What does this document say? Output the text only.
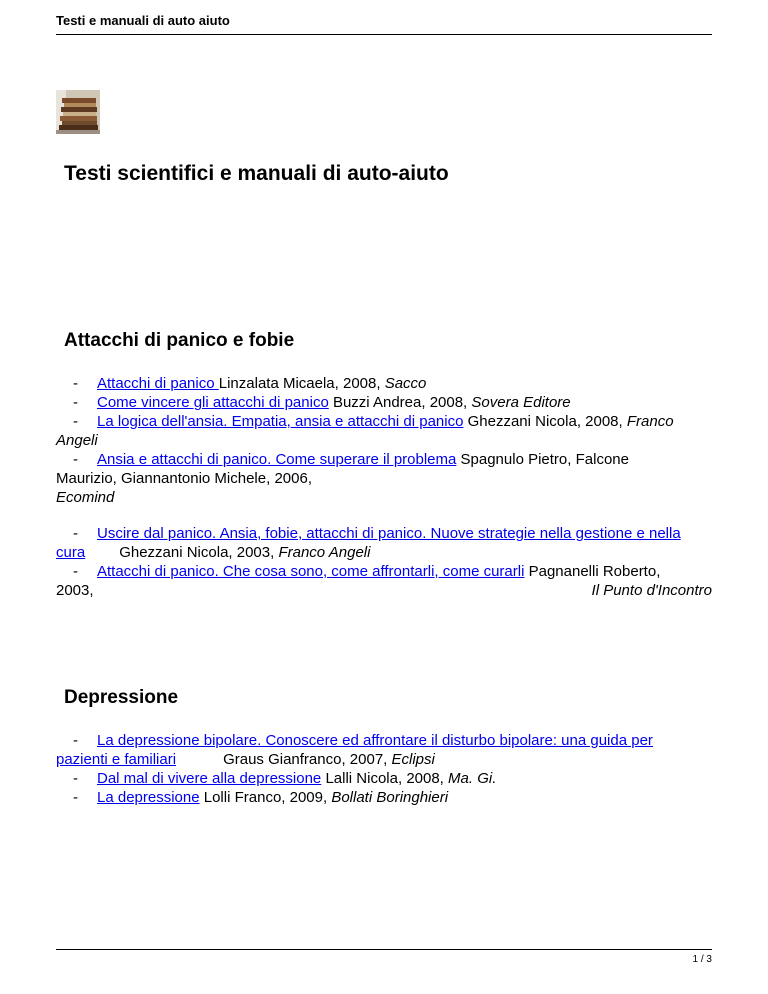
Testi e manuali di auto aiuto
Testi scientifici e manuali di auto-aiuto
Attacchi di panico e fobie
- Attacchi di panico Linzalata Micaela, 2008, Sacco
- Come vincere gli attacchi di panico Buzzi Andrea, 2008, Sovera Editore
- La logica dell'ansia. Empatia, ansia e attacchi di panico Ghezzani Nicola, 2008, Franco
Angeli
- Ansia e attacchi di panico. Come superare il problema Spagnulo Pietro, Falcone
Maurizio, Giannantonio Michele, 2006,
Ecomind
- Uscire dal panico. Ansia, fobie, attacchi di panico. Nuove strategie nella gestione e nella
cura Ghezzani Nicola, 2003, Franco Angeli
- Attacchi di panico. Che cosa sono, come affrontarli, come curarli Pagnanelli Roberto,
2003,	Il Punto d'Incontro
Depressione
- La depressione bipolare. Conoscere ed affrontare il disturbo bipolare: una guida per
pazienti e familiari	Graus Gianfranco, 2007, Eclipsi
- Dal mal di vivere alla depressione Lalli Nicola, 2008, Ma. Gi.
- La depressione Lolli Franco, 2009, Bollati Boringhieri
1 / 3
